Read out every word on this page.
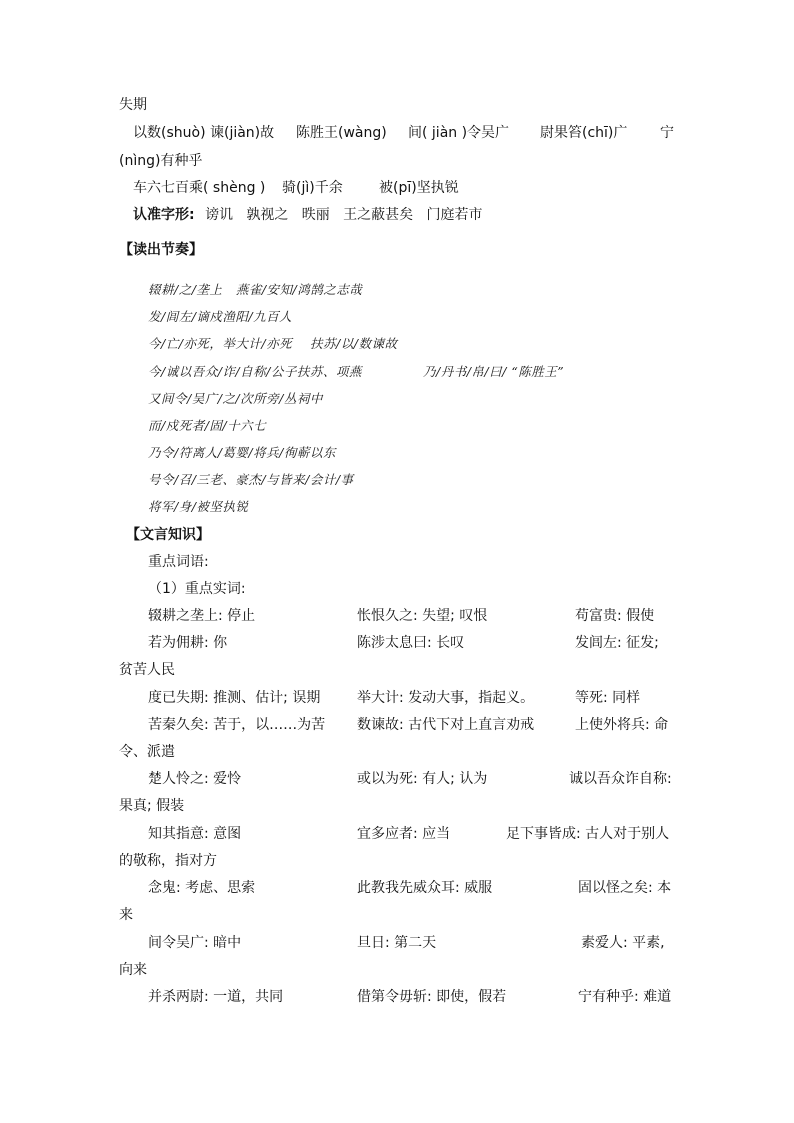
失期
以数(shuò) 谏(jiàn)故 陈胜王(wàng) 间( jiàn )令吴广 尉果笞(chī)广 宁
(nìng)有种乎
车六七百乘( shèng ) 骑(jì)千余	被(pī)坚执锐
认准字形: 谤讥   孰视之   昳丽   王之蔽甚矣   门庭若市
【读出节奏】
辍耕/之/垄上   燕雀/安知/鸿鹄之志哉
发/闾左/谪戍渔阳/九百人
今/亡/亦死，举大计/亦死    扶苏/以/数谏故
今/诚以吾众/诈/自称/公子扶苏、项燕	乃/丹书/帛/曰/ “陈胜王”
又间令/吴广/之/次所旁/丛祠中
而/戍死者/固/十六七
乃令/符离人/葛婴/将兵/徇蕲以东
号令/召/三老、豪杰/与皆来/会计/事
将军/身/被坚执锐
【文言知识】
重点词语:
（1）重点实词:
辍耕之垄上: 停止	怅恨久之: 失望; 叹恨	苟富贵: 假使
若为佣耕: 你	陈涉太息曰: 长叹	发闾左: 征发;
贫苦人民
度已失期: 推测、估计; 误期	举大计: 发动大事，指起义。	等死: 同样
苦秦久矣: 苦于，以……为苦 数谏故: 古代下对上直言劝戒	上使外将兵: 命
令、派遣
楚人怜之: 爱怜	或以为死: 有人; 认为	诚以吾众诈自称:
果真; 假装
知其指意: 意图	宜多应者: 应当	足下事皆成: 古人对于别人
的敬称，指对方
念鬼: 考虑、思索	此教我先威众耳: 威服	固以怪之矣: 本
来
间令吴广: 暗中	旦日: 第二天	素爱人: 平素,
向来
并杀两尉: 一道，共同	借第令毋斩: 即使，假若	宁有种乎: 难道
